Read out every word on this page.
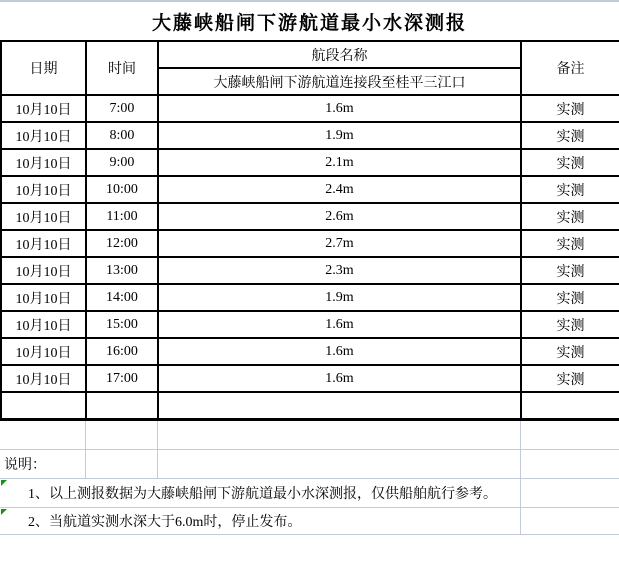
大藤峡船闸下游航道最小水深测报
日期	时间	航段名称	备注
		大藤峡船闸下游航道连接段至桂平三江口	
10月10日	7:00	1.6m	实测
10月10日	8:00	1.9m	实测
10月10日	9:00	2.1m	实测
10月10日	10:00	2.4m	实测
10月10日	11:00	2.6m	实测
10月10日	12:00	2.7m	实测
10月10日	13:00	2.3m	实测
10月10日	14:00	1.9m	实测
10月10日	15:00	1.6m	实测
10月10日	16:00	1.6m	实测
10月10日	17:00	1.6m	实测

说明：			

1、以上测报数据为大藤峡船闸下游航道最小水深测报，仅供船舶航行参考。			

2、当航道实测水深大于6.0m时，停止发布。			
